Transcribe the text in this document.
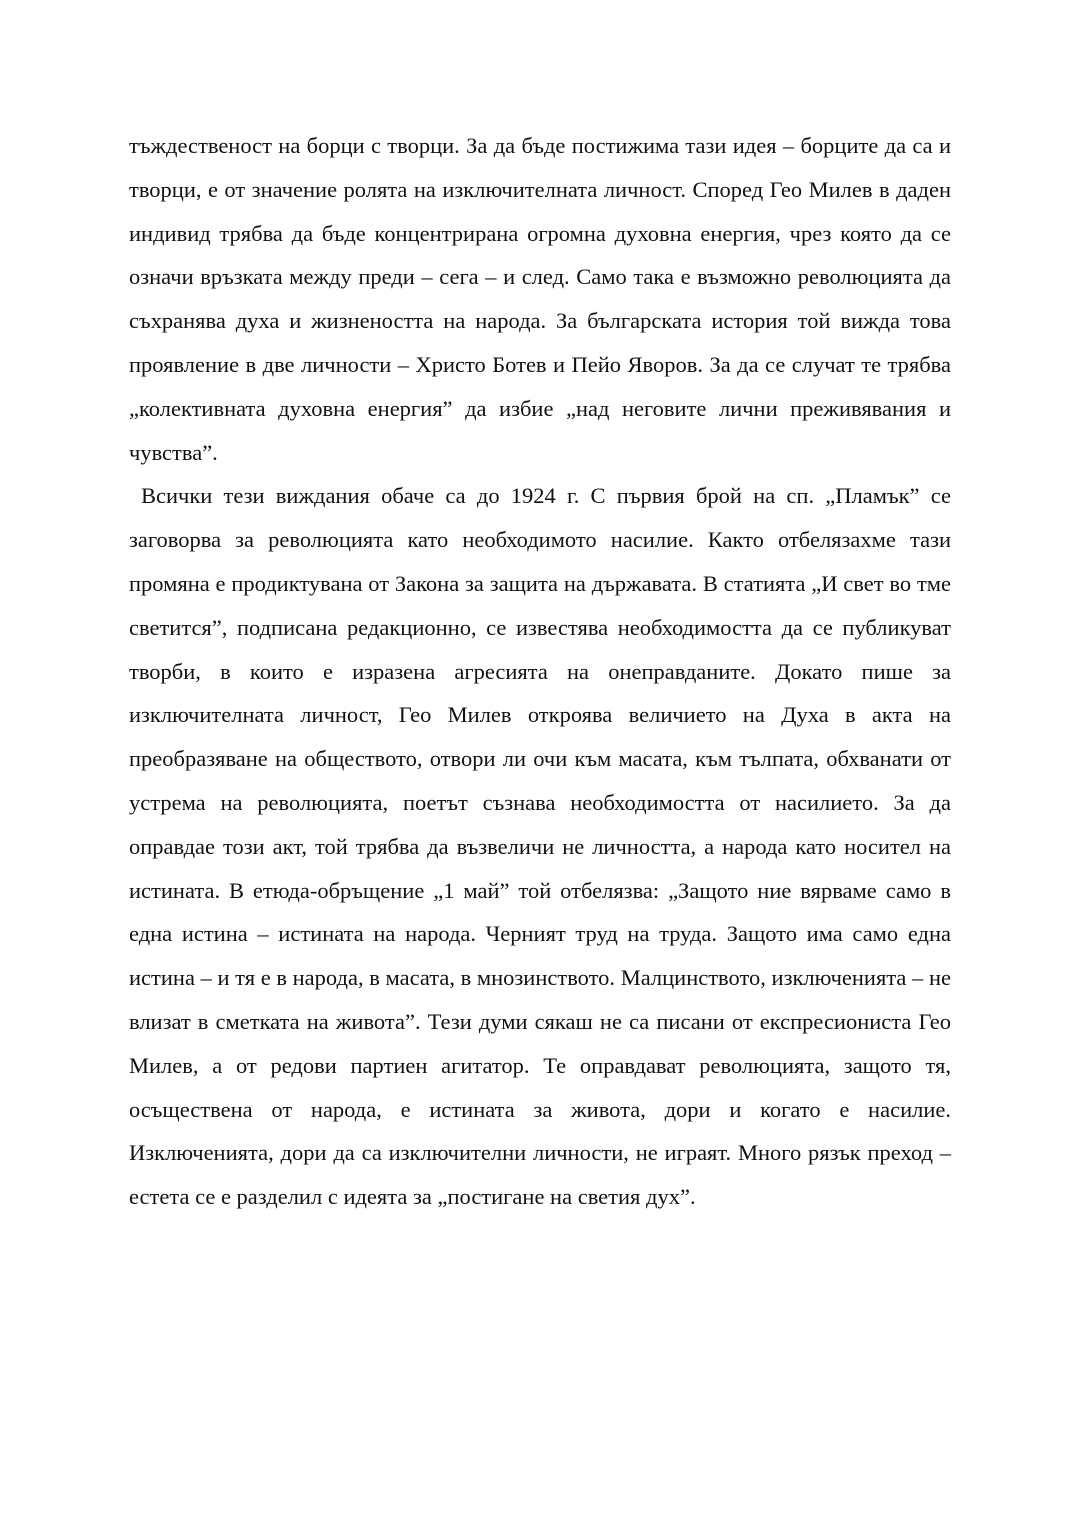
тъждественост на борци с творци. За да бъде постижима тази идея – борците да са и творци, е от значение ролята на изключителната личност. Според Гео Милев в даден индивид трябва да бъде концентрирана огромна духовна енергия, чрез която да се означи връзката между преди – сега – и след. Само така е възможно революцията да съхранява духа и жизнеността на народа. За българската история той вижда това проявление в две личности – Христо Ботев и Пейо Яворов. За да се случат те трябва „колективната духовна енергия” да избие „над неговите лични преживявания и чувства”.

Всички тези виждания обаче са до 1924 г. С първия брой на сп. „Пламък” се заговорва за революцията като необходимото насилие. Както отбелязахме тази промяна е продиктувана от Закона за защита на държавата. В статията „И свет во тме светится”, подписана редакционно, се известява необходимостта да се публикуват творби, в които е изразена агресията на онеправданите. Докато пише за изключителната личност, Гео Милев откроява величието на Духа в акта на преобразяване на обществото, отвори ли очи към масата, към тълпата, обхванати от устрема на революцията, поетът съзнава необходимостта от насилието. За да оправдае този акт, той трябва да възвеличи не личността, а народа като носител на истината. В етюда-обръщение „1 май” той отбелязва: „Защото ние вярваме само в една истина – истината на народа. Черният труд на труда. Защото има само една истина – и тя е в народа, в масата, в мнозинството. Малцинството, изключенията – не влизат в сметката на живота”. Тези думи сякаш не са писани от експресиониста Гео Милев, а от редови партиен агитатор. Те оправдават революцията, защото тя, осъществена от народа, е истината за живота, дори и когато е насилие. Изключенията, дори да са изключителни личности, не играят. Много рязък преход – естета се е разделил с идеята за „постигане на светия дух”.
